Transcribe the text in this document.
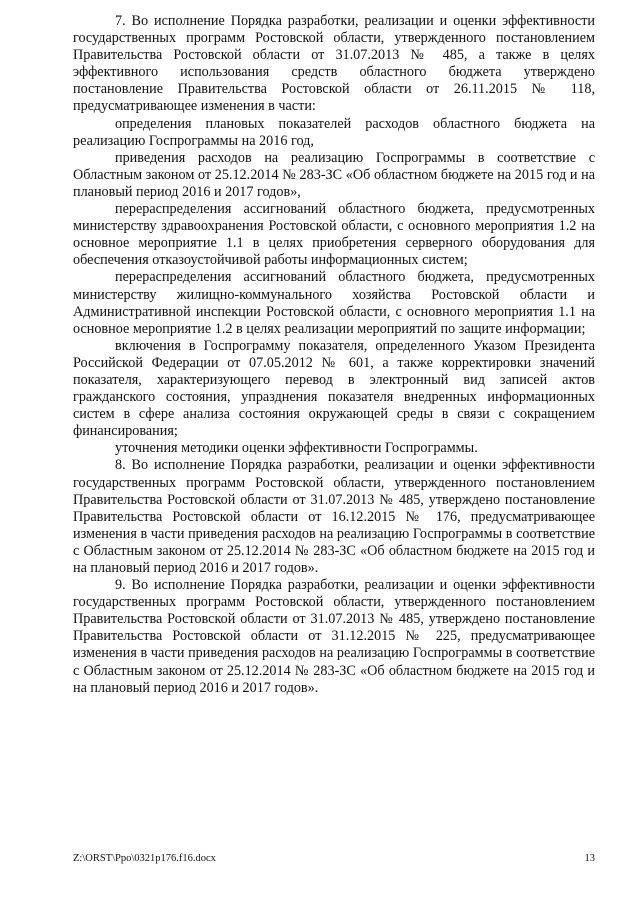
7. Во исполнение Порядка разработки, реализации и оценки эффективности государственных программ Ростовской области, утвержденного постановлением Правительства Ростовской области от 31.07.2013 № 485, а также в целях эффективного использования средств областного бюджета утверждено постановление Правительства Ростовской области от 26.11.2015 № 118, предусматривающее изменения в части:

определения плановых показателей расходов областного бюджета на реализацию Госпрограммы на 2016 год,

приведения расходов на реализацию Госпрограммы в соответствие с Областным законом от 25.12.2014 № 283-ЗС «Об областном бюджете на 2015 год и на плановый период 2016 и 2017 годов»,

перераспределения ассигнований областного бюджета, предусмотренных министерству здравоохранения Ростовской области, с основного мероприятия 1.2 на основное мероприятие 1.1 в целях приобретения серверного оборудования для обеспечения отказоустойчивой работы информационных систем;

перераспределения ассигнований областного бюджета, предусмотренных министерству жилищно-коммунального хозяйства Ростовской области и Административной инспекции Ростовской области, с основного мероприятия 1.1 на основное мероприятие 1.2 в целях реализации мероприятий по защите информации;

включения в Госпрограмму показателя, определенного Указом Президента Российской Федерации от 07.05.2012 № 601, а также корректировки значений показателя, характеризующего перевод в электронный вид записей актов гражданского состояния, упразднения показателя внедренных информационных систем в сфере анализа состояния окружающей среды в связи с сокращением финансирования;

уточнения методики оценки эффективности Госпрограммы.

8. Во исполнение Порядка разработки, реализации и оценки эффективности государственных программ Ростовской области, утвержденного постановлением Правительства Ростовской области от 31.07.2013 № 485, утверждено постановление Правительства Ростовской области от 16.12.2015 № 176, предусматривающее изменения в части приведения расходов на реализацию Госпрограммы в соответствие с Областным законом от 25.12.2014 № 283-ЗС «Об областном бюджете на 2015 год и на плановый период 2016 и 2017 годов».

9. Во исполнение Порядка разработки, реализации и оценки эффективности государственных программ Ростовской области, утвержденного постановлением Правительства Ростовской области от 31.07.2013 № 485, утверждено постановление Правительства Ростовской области от 31.12.2015 № 225, предусматривающее изменения в части приведения расходов на реализацию Госпрограммы в соответствие с Областным законом от 25.12.2014 № 283-ЗС «Об областном бюджете на 2015 год и на плановый период 2016 и 2017 годов».

Z:\ORST\Ppo\0321p176.f16.docx	13
